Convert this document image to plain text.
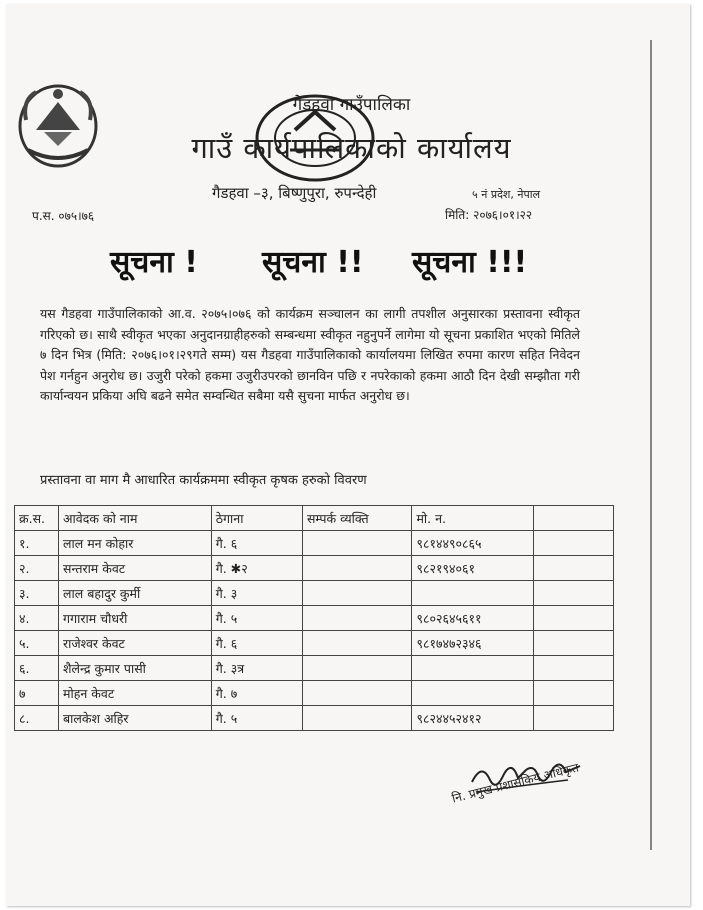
गैडहवा गाउँपालिका
गाउँ कार्यपालिकाको कार्यालय
गैडहवा –३, बिष्णुपुरा, रुपन्देही	५ नं प्रदेश, नेपाल
प.स. ०७५।७६	मिति: २०७६।०१।२२
सूचना ! सूचना !! सूचना !!!
यस गैडहवा गाउँपालिकाको आ.व. २०७५।०७६ को कार्यक्रम सञ्चालन का लागी तपशील अनुसारका प्रस्तावना स्वीकृत गरिएको छ। साथै स्वीकृत भएका अनुदानग्राहीहरुको सम्बन्धमा स्वीकृत नहुनुपर्ने लागेमा यो सूचना प्रकाशित भएको मितिले ७ दिन भित्र (मिति: २०७६।०१।२९गते सम्म) यस गैडहवा गाउँपालिकाको कार्यालयमा लिखित रुपमा कारण सहित निवेदन पेश गर्नहुन अनुरोध छ। उजुरी परेको हकमा उजुरीउपरको छानविन पछि र नपरेकाको हकमा आठौ दिन देखी सम्झौता गरी कार्यान्वयन प्रकिया अघि बढने समेत सम्वन्धित सबैमा यसै सुचना मार्फत अनुरोध छ।
प्रस्तावना वा माग मै आधारित कार्यक्रममा स्वीकृत कृषक हरुको विवरण
क्र.स.	आवेदक को नाम	ठेगाना	सम्पर्क व्यक्ति	मो. न.	
१.	लाल मन कोहार	गै. ६		९८१४४९०८६५	
२.	सन्तराम केवट	गै. ✱२		९८२१९४०६१	
३.	लाल बहादुर कुर्मी	गै. ३			
४.	गगाराम चौधरी	गै. ५		९८०२६४५६११	
५.	राजेश्वर केवट	गै. ६		९८१७४७२३४६	
६.	शैलेन्द्र कुमार पासी	गै. ३त्र			
७	मोहन केवट	गै. ७			
८.	बालकेश अहिर	गै. ५		९८२४४५२४१२	
नि. प्रमुख प्रशासकिय अधिकृत
